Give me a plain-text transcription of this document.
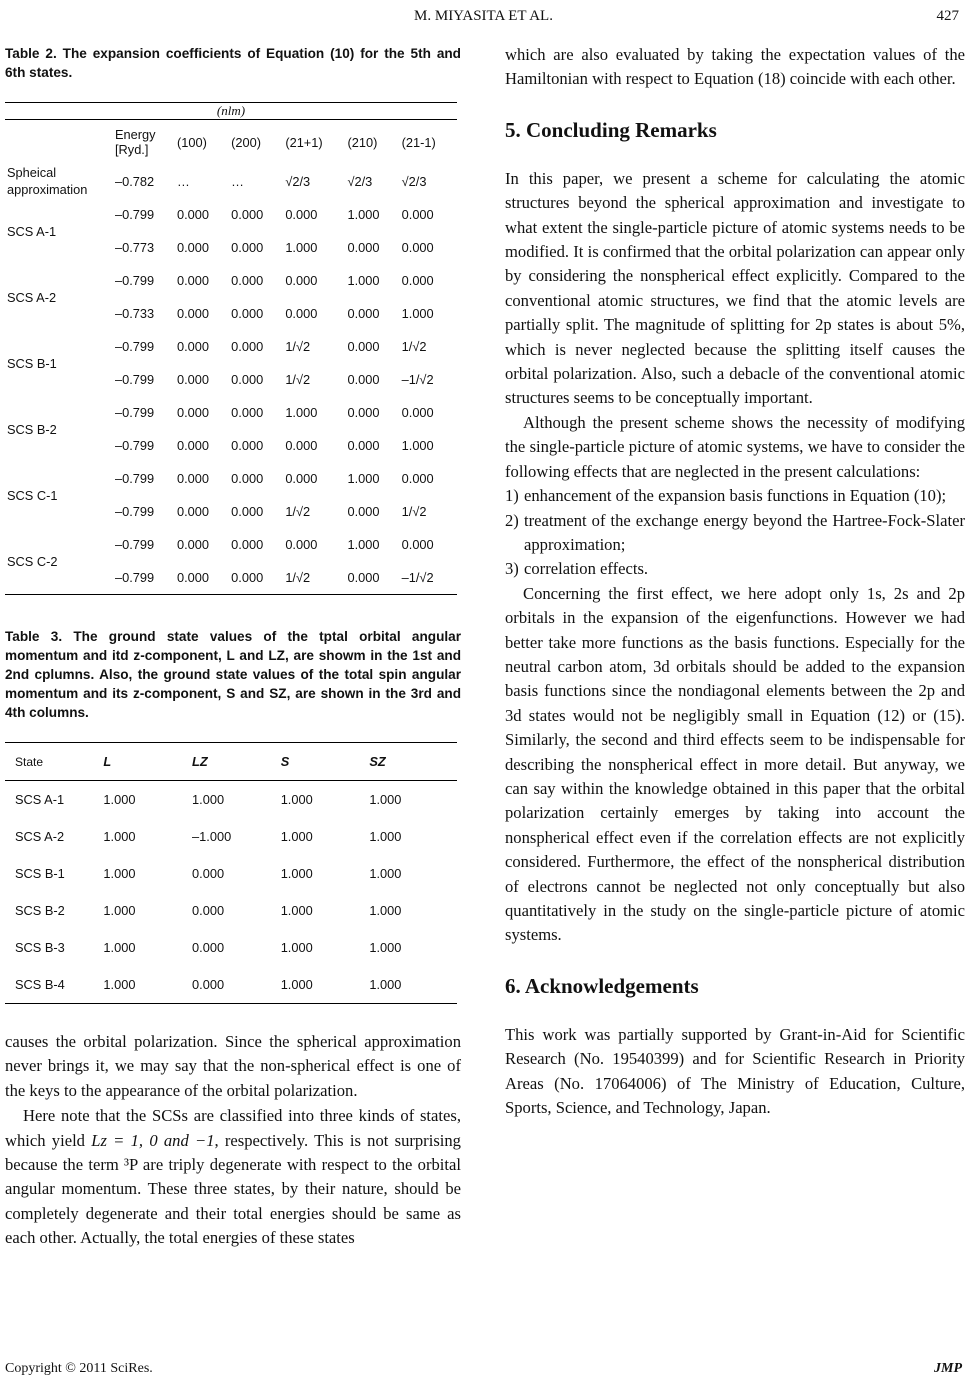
M. MIYASITA ET AL.	427
Table 2. The expansion coefficients of Equation (10) for the 5th and 6th states.
(nlm)						
	Energy [Ryd.]	(100)	(200)	(21+1)	(210)	(21-1)
Spheical approximation	–0.782	…	…	√2/3	√2/3	√2/3
SCS A-1	–0.799	0.000	0.000	0.000	1.000	0.000
	–0.773	0.000	0.000	1.000	0.000	0.000
SCS A-2	–0.799	0.000	0.000	0.000	1.000	0.000
	–0.733	0.000	0.000	0.000	0.000	1.000
SCS B-1	–0.799	0.000	0.000	1/√2	0.000	1/√2
	–0.799	0.000	0.000	1/√2	0.000	–1/√2
SCS B-2	–0.799	0.000	0.000	1.000	0.000	0.000
	–0.799	0.000	0.000	0.000	0.000	1.000
SCS C-1	–0.799	0.000	0.000	0.000	1.000	0.000
	–0.799	0.000	0.000	1/√2	0.000	1/√2
SCS C-2	–0.799	0.000	0.000	0.000	1.000	0.000
	–0.799	0.000	0.000	1/√2	0.000	–1/√2
Table 3. The ground state values of the tptal orbital angular momentum and itd z-component, L and LZ, are showm in the 1st and 2nd cplumns. Also, the ground state values of the total spin angular momentum and its z-component, S and SZ, are shown in the 3rd and 4th columns.
State	L	LZ	S	SZ
SCS A-1	1.000	1.000	1.000	1.000
SCS A-2	1.000	–1.000	1.000	1.000
SCS B-1	1.000	0.000	1.000	1.000
SCS B-2	1.000	0.000	1.000	1.000
SCS B-3	1.000	0.000	1.000	1.000
SCS B-4	1.000	0.000	1.000	1.000

causes the orbital polarization. Since the spherical approximation never brings it, we may say that the non-spherical effect is one of the keys to the appearance of the orbital polarization.

Here note that the SCSs are classified into three kinds of states, which yield Lz = 1, 0 and −1, respectively. This is not surprising because the term ³P are triply degenerate with respect to the orbital angular momentum. These three states, by their nature, should be completely degenerate and their total energies should be same as each other. Actually, the total energies of these states

which are also evaluated by taking the expectation values of the Hamiltonian with respect to Equation (18) coincide with each other.

5. Concluding Remarks

In this paper, we present a scheme for calculating the atomic structures beyond the spherical approximation and investigate to what extent the single-particle picture of atomic systems needs to be modified. It is confirmed that the orbital polarization can appear only by considering the nonspherical effect explicitly. Compared to the conventional atomic structures, we find that the atomic levels are partially split. The magnitude of splitting for 2p states is about 5%, which is never neglected because the splitting itself causes the orbital polarization. Also, such a debacle of the conventional atomic structures seems to be conceptually important.

Although the present scheme shows the necessity of modifying the single-particle picture of atomic systems, we have to consider the following effects that are neglected in the present calculations:

1) enhancement of the expansion basis functions in Equation (10);
2) treatment of the exchange energy beyond the Hartree-Fock-Slater approximation;
3) correlation effects.

Concerning the first effect, we here adopt only 1s, 2s and 2p orbitals in the expansion of the eigenfunctions. However we had better take more functions as the basis functions. Especially for the neutral carbon atom, 3d orbitals should be added to the expansion basis functions since the nondiagonal elements between the 2p and 3d states would not be negligibly small in Equation (12) or (15). Similarly, the second and third effects seem to be indispensable for describing the nonspherical effect in more detail. But anyway, we can say within the knowledge obtained in this paper that the orbital polarization certainly emerges by taking into account the nonspherical effect even if the correlation effects are not explicitly considered. Furthermore, the effect of the nonspherical distribution of electrons cannot be neglected not only conceptually but also quantitatively in the study on the single-particle picture of atomic systems.

6. Acknowledgements

This work was partially supported by Grant-in-Aid for Scientific Research (No. 19540399) and for Scientific Research in Priority Areas (No. 17064006) of The Ministry of Education, Culture, Sports, Science, and Technology, Japan.

Copyright © 2011 SciRes.	JMP
